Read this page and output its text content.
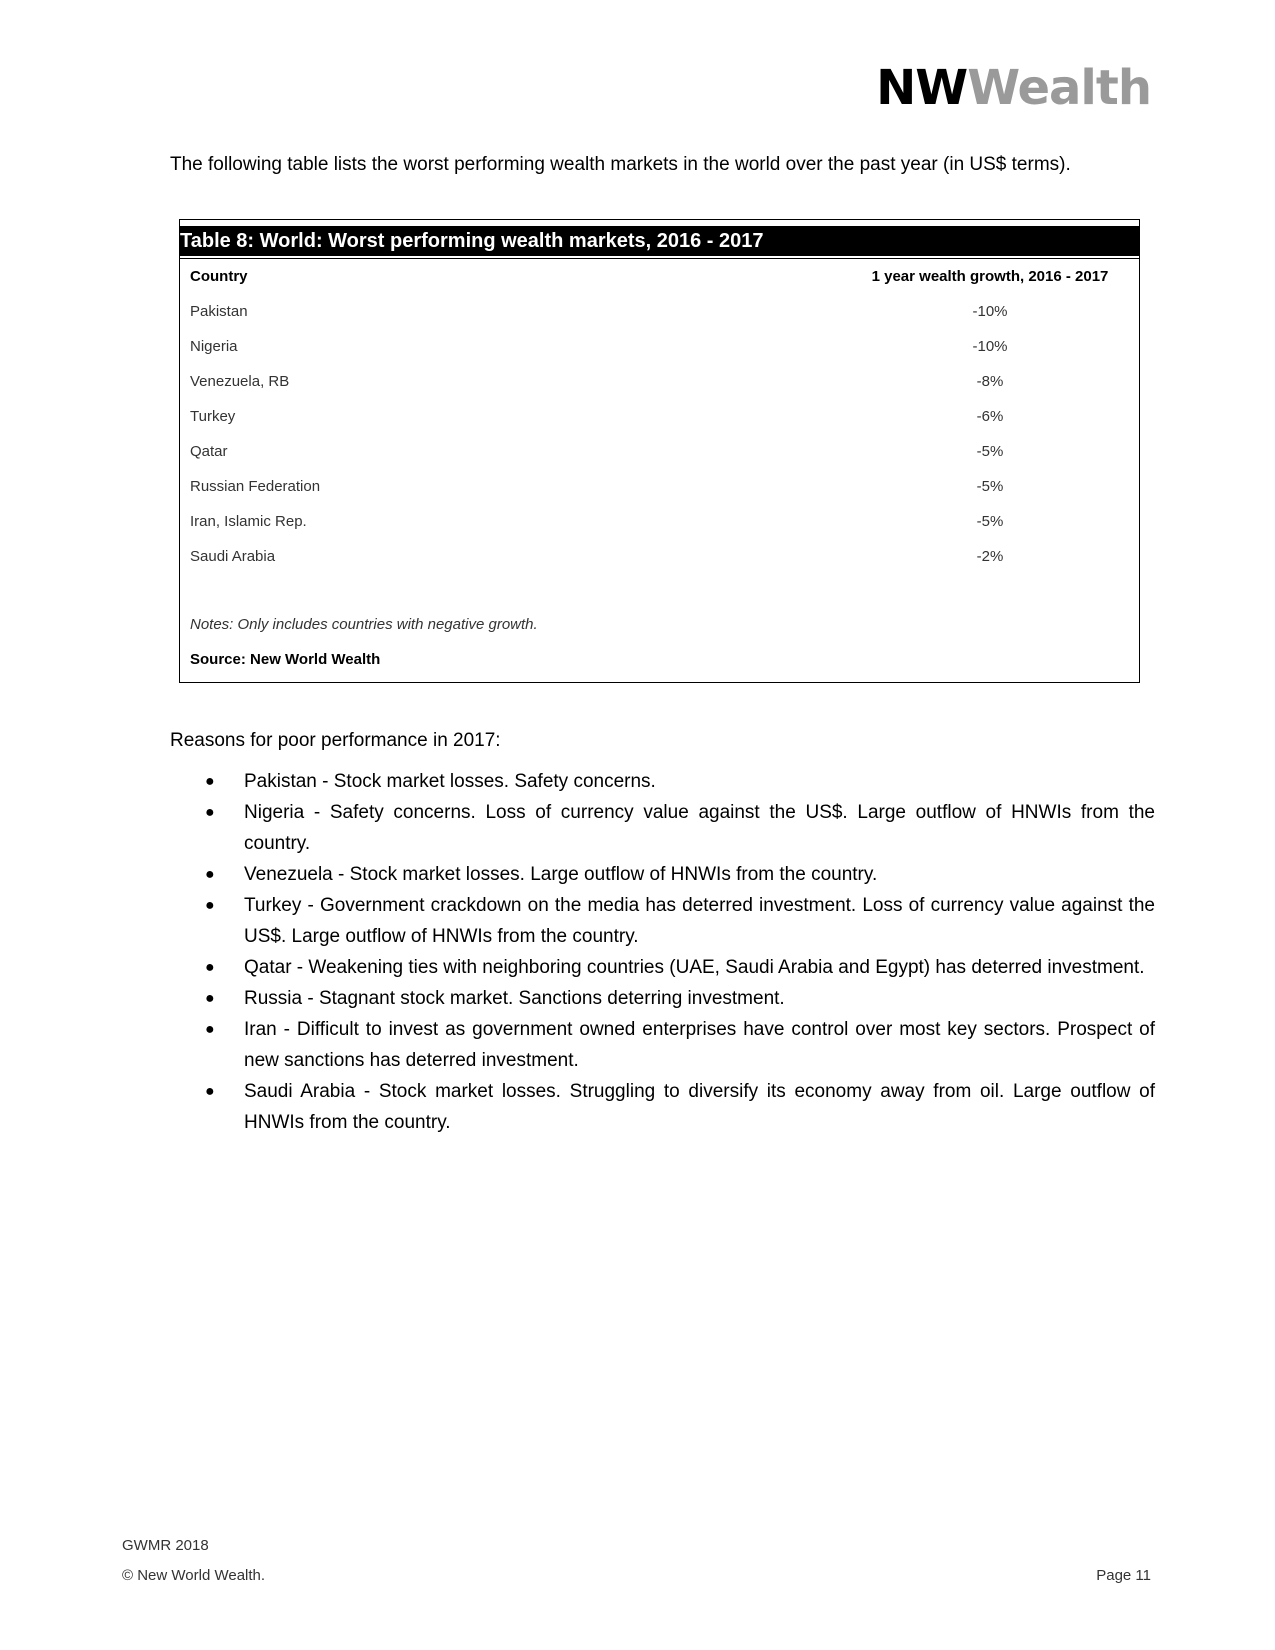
NWWealth
The following table lists the worst performing wealth markets in the world over the past year (in US$ terms).
Table 8: World: Worst performing wealth markets, 2016 - 2017
Country	1 year wealth growth, 2016 - 2017
Pakistan	-10%
Nigeria	-10%
Venezuela, RB	-8%
Turkey	-6%
Qatar	-5%
Russian Federation	-5%
Iran, Islamic Rep.	-5%
Saudi Arabia	-2%
Notes: Only includes countries with negative growth.
Source: New World Wealth
Reasons for poor performance in 2017:
● Pakistan - Stock market losses. Safety concerns.
● Nigeria - Safety concerns. Loss of currency value against the US$. Large outflow of HNWIs from the country.
● Venezuela - Stock market losses. Large outflow of HNWIs from the country.
● Turkey - Government crackdown on the media has deterred investment. Loss of currency value against the US$. Large outflow of HNWIs from the country.
● Qatar - Weakening ties with neighboring countries (UAE, Saudi Arabia and Egypt) has deterred investment.
● Russia - Stagnant stock market. Sanctions deterring investment.
● Iran - Difficult to invest as government owned enterprises have control over most key sectors. Prospect of new sanctions has deterred investment.
● Saudi Arabia - Stock market losses. Struggling to diversify its economy away from oil. Large outflow of HNWIs from the country.
GWMR 2018
© New World Wealth.	Page 11
